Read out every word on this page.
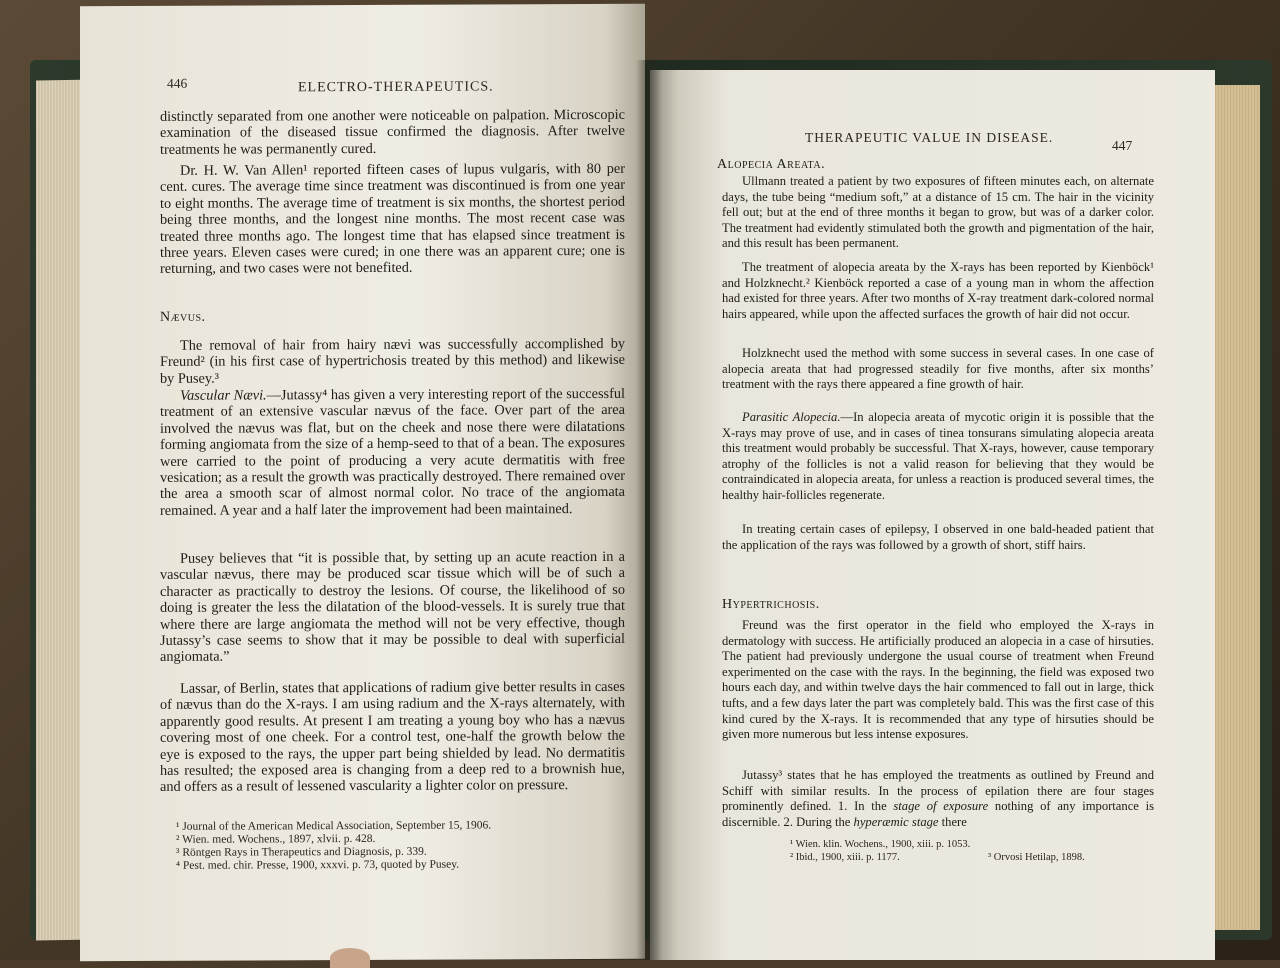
446	ELECTRO-THERAPEUTICS.

distinctly separated from one another were noticeable on palpation. Microscopic examination of the diseased tissue confirmed the diagnosis. After twelve treatments he was permanently cured.

Dr. H. W. Van Allen¹ reported fifteen cases of lupus vulgaris, with 80 per cent. cures. The average time since treatment was discontinued is from one year to eight months. The average time of treatment is six months, the shortest period being three months, and the longest nine months. The most recent case was treated three months ago. The longest time that has elapsed since treatment is three years. Eleven cases were cured; in one there was an apparent cure; one is returning, and two cases were not benefited.

Nævus.

The removal of hair from hairy nævi was successfully accomplished by Freund² (in his first case of hypertrichosis treated by this method) and likewise by Pusey.³

Vascular Nævi.—Jutassy⁴ has given a very interesting report of the successful treatment of an extensive vascular nævus of the face. Over part of the area involved the nævus was flat, but on the cheek and nose there were dilatations forming angiomata from the size of a hemp-seed to that of a bean. The exposures were carried to the point of producing a very acute dermatitis with free vesication; as a result the growth was practically destroyed. There remained over the area a smooth scar of almost normal color. No trace of the angiomata remained. A year and a half later the improvement had been maintained.

Pusey believes that “it is possible that, by setting up an acute reaction in a vascular nævus, there may be produced scar tissue which will be of such a character as practically to destroy the lesions. Of course, the likelihood of so doing is greater the less the dilatation of the blood-vessels. It is surely true that where there are large angiomata the method will not be very effective, though Jutassy’s case seems to show that it may be possible to deal with superficial angiomata.”

Lassar, of Berlin, states that applications of radium give better results in cases of nævus than do the X-rays. I am using radium and the X-rays alternately, with apparently good results. At present I am treating a young boy who has a nævus covering most of one cheek. For a control test, one-half the growth below the eye is exposed to the rays, the upper part being shielded by lead. No dermatitis has resulted; the exposed area is changing from a deep red to a brownish hue, and offers as a result of lessened vascularity a lighter color on pressure.

¹ Journal of the American Medical Association, September 15, 1906.
² Wien. med. Wochens., 1897, xlvii. p. 428.
³ Röntgen Rays in Therapeutics and Diagnosis, p. 339.
⁴ Pest. med. chir. Presse, 1900, xxxvi. p. 73, quoted by Pusey.
THERAPEUTIC VALUE IN DISEASE.
447
Alopecia Areata.

Ullmann treated a patient by two exposures of fifteen minutes each, on alternate days, the tube being “medium soft,” at a distance of 15 cm. The hair in the vicinity fell out; but at the end of three months it began to grow, but was of a darker color. The treatment had evidently stimulated both the growth and pigmentation of the hair, and this result has been permanent.

The treatment of alopecia areata by the X-rays has been reported by Kienböck¹ and Holzknecht.² Kienböck reported a case of a young man in whom the affection had existed for three years. After two months of X-ray treatment dark-colored normal hairs appeared, while upon the affected surfaces the growth of hair did not occur.

Holzknecht used the method with some success in several cases. In one case of alopecia areata that had progressed steadily for five months, after six months’ treatment with the rays there appeared a fine growth of hair.

Parasitic Alopecia.—In alopecia areata of mycotic origin it is possible that the X-rays may prove of use, and in cases of tinea tonsurans simulating alopecia areata this treatment would probably be successful. That X-rays, however, cause temporary atrophy of the follicles is not a valid reason for believing that they would be contraindicated in alopecia areata, for unless a reaction is produced several times, the healthy hair-follicles regenerate.

In treating certain cases of epilepsy, I observed in one bald-headed patient that the application of the rays was followed by a growth of short, stiff hairs.

Hypertrichosis.

Freund was the first operator in the field who employed the X-rays in dermatology with success. He artificially produced an alopecia in a case of hirsuties. The patient had previously undergone the usual course of treatment when Freund experimented on the case with the rays. In the beginning, the field was exposed two hours each day, and within twelve days the hair commenced to fall out in large, thick tufts, and a few days later the part was completely bald. This was the first case of this kind cured by the X-rays. It is recommended that any type of hirsuties should be given more numerous but less intense exposures.

Jutassy³ states that he has employed the treatments as outlined by Freund and Schiff with similar results. In the process of epilation there are four stages prominently defined. 1. In the stage of exposure nothing of any importance is discernible. 2. During the hyperæmic stage there

¹ Wien. klin. Wochens., 1900, xiii. p. 1053.
² Ibid., 1900, xiii. p. 1177.	³ Orvosi Hetilap, 1898.
